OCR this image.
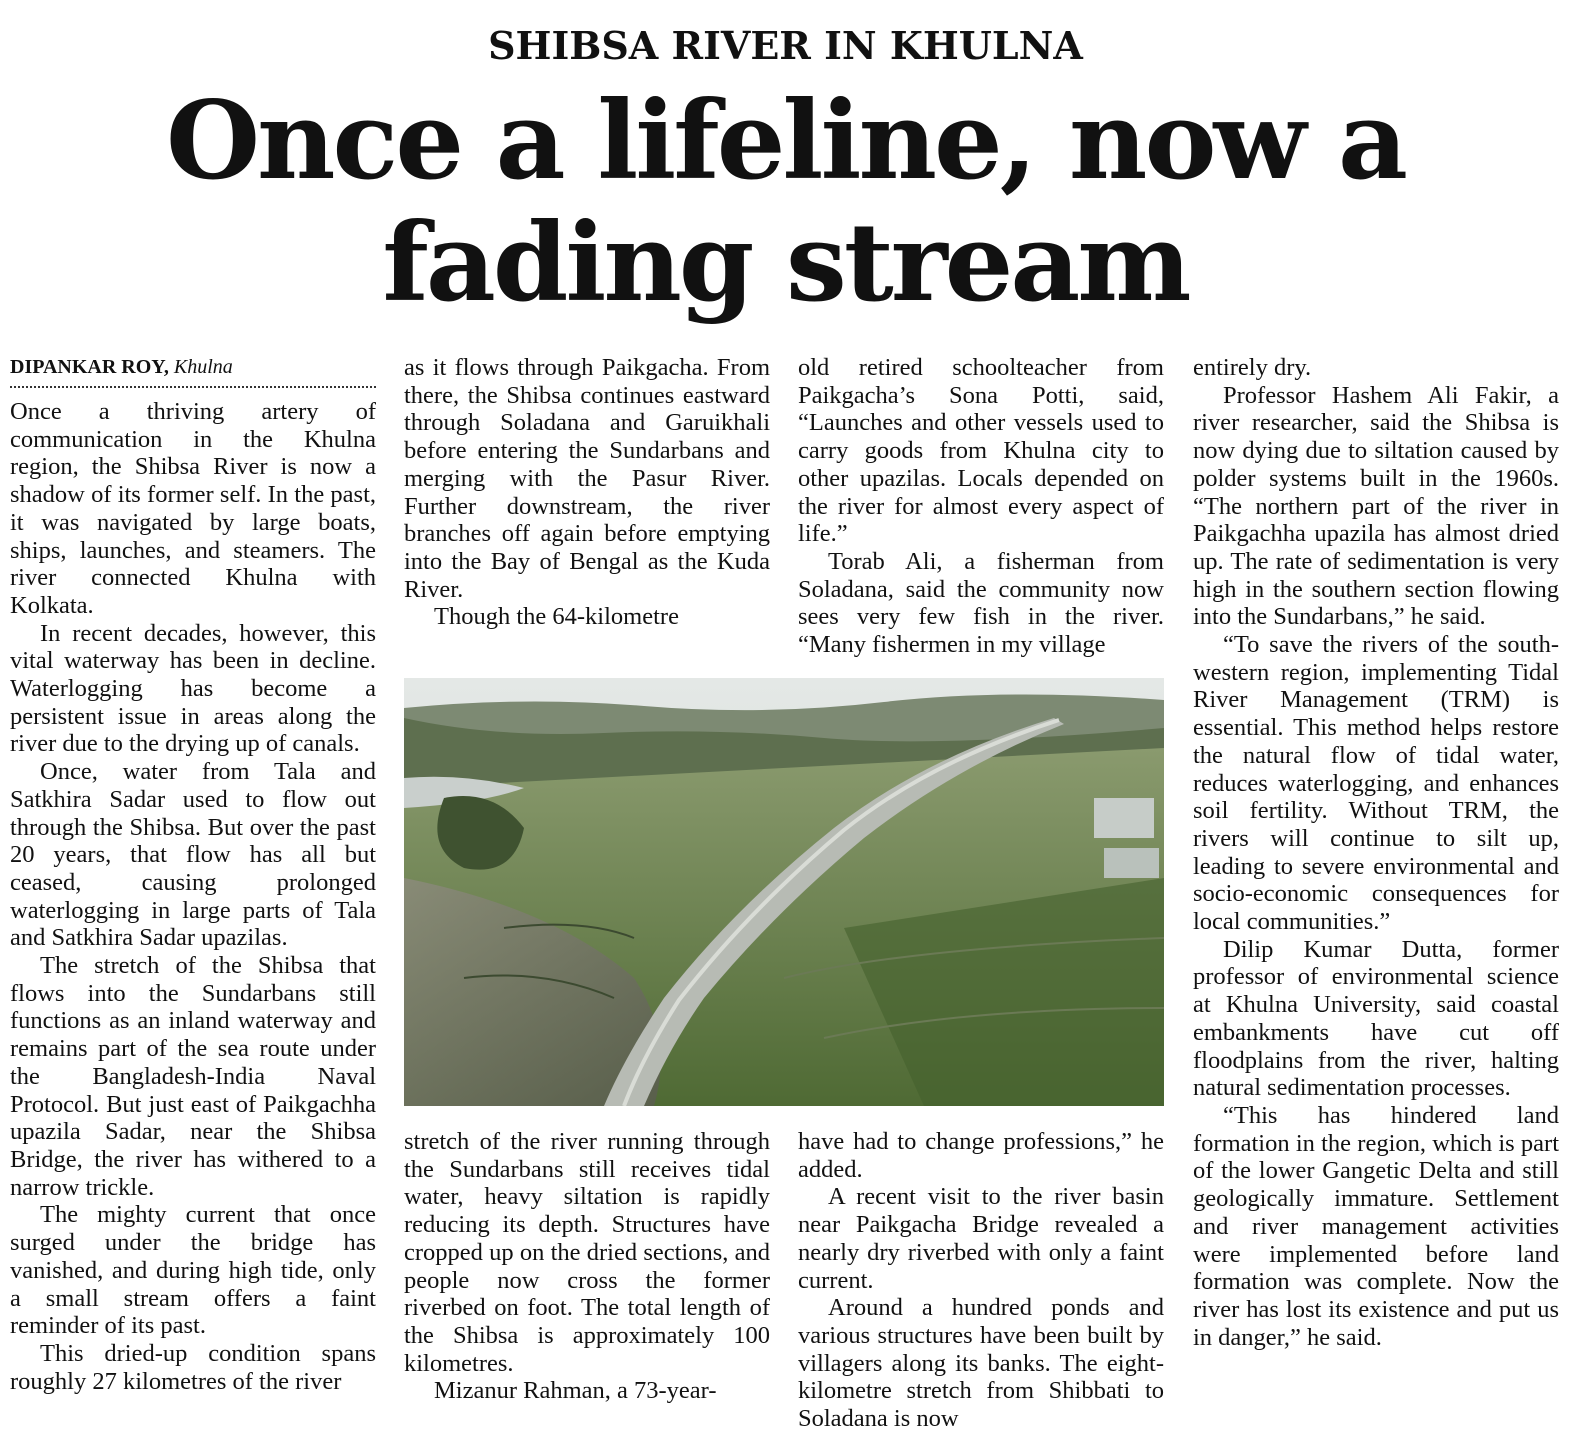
SHIBSA RIVER IN KHULNA
Once a lifeline, now a
fading stream
DIPANKAR ROY, Khulna

Once a thriving artery of communication in the Khulna region, the Shibsa River is now a shadow of its former self. In the past, it was navigated by large boats, ships, launches, and steamers. The river connected Khulna with Kolkata.

In recent decades, however, this vital waterway has been in decline. Waterlogging has become a persistent issue in areas along the river due to the drying up of canals.

Once, water from Tala and Satkhira Sadar used to flow out through the Shibsa. But over the past 20 years, that flow has all but ceased, causing prolonged waterlogging in large parts of Tala and Satkhira Sadar upazilas.

The stretch of the Shibsa that flows into the Sundarbans still functions as an inland waterway and remains part of the sea route under the Bangladesh-India Naval Protocol. But just east of Paikgachha upazila Sadar, near the Shibsa Bridge, the river has withered to a narrow trickle.

The mighty current that once surged under the bridge has vanished, and during high tide, only a small stream offers a faint reminder of its past.

This dried-up condition spans roughly 27 kilometres of the river

as it flows through Paikgacha. From there, the Shibsa continues eastward through Soladana and Garuikhali before entering the Sundarbans and merging with the Pasur River. Further downstream, the river branches off again before emptying into the Bay of Bengal as the Kuda River.

Though the 64-kilometre

old retired schoolteacher from Paikgacha’s Sona Potti, said, “Launches and other vessels used to carry goods from Khulna city to other upazilas. Locals depended on the river for almost every aspect of life.”

Torab Ali, a fisherman from Soladana, said the community now sees very few fish in the river. “Many fishermen in my village

stretch of the river running through the Sundarbans still receives tidal water, heavy siltation is rapidly reducing its depth. Structures have cropped up on the dried sections, and people now cross the former riverbed on foot. The total length of the Shibsa is approximately 100 kilometres.

Mizanur Rahman, a 73-year-

have had to change professions,” he added.

A recent visit to the river basin near Paikgacha Bridge revealed a nearly dry riverbed with only a faint current.

Around a hundred ponds and various structures have been built by villagers along its banks. The eight-kilometre stretch from Shibbati to Soladana is now

entirely dry.

Professor Hashem Ali Fakir, a river researcher, said the Shibsa is now dying due to siltation caused by polder systems built in the 1960s. “The northern part of the river in Paikgachha upazila has almost dried up. The rate of sedimentation is very high in the southern section flowing into the Sundarbans,” he said.

“To save the rivers of the south-western region, implementing Tidal River Management (TRM) is essential. This method helps restore the natural flow of tidal water, reduces waterlogging, and enhances soil fertility. Without TRM, the rivers will continue to silt up, leading to severe environmental and socio-economic consequences for local communities.”

Dilip Kumar Dutta, former professor of environmental science at Khulna University, said coastal embankments have cut off floodplains from the river, halting natural sedimentation processes.

“This has hindered land formation in the region, which is part of the lower Gangetic Delta and still geologically immature. Settlement and river management activities were implemented before land formation was complete. Now the river has lost its existence and put us in danger,” he said.
